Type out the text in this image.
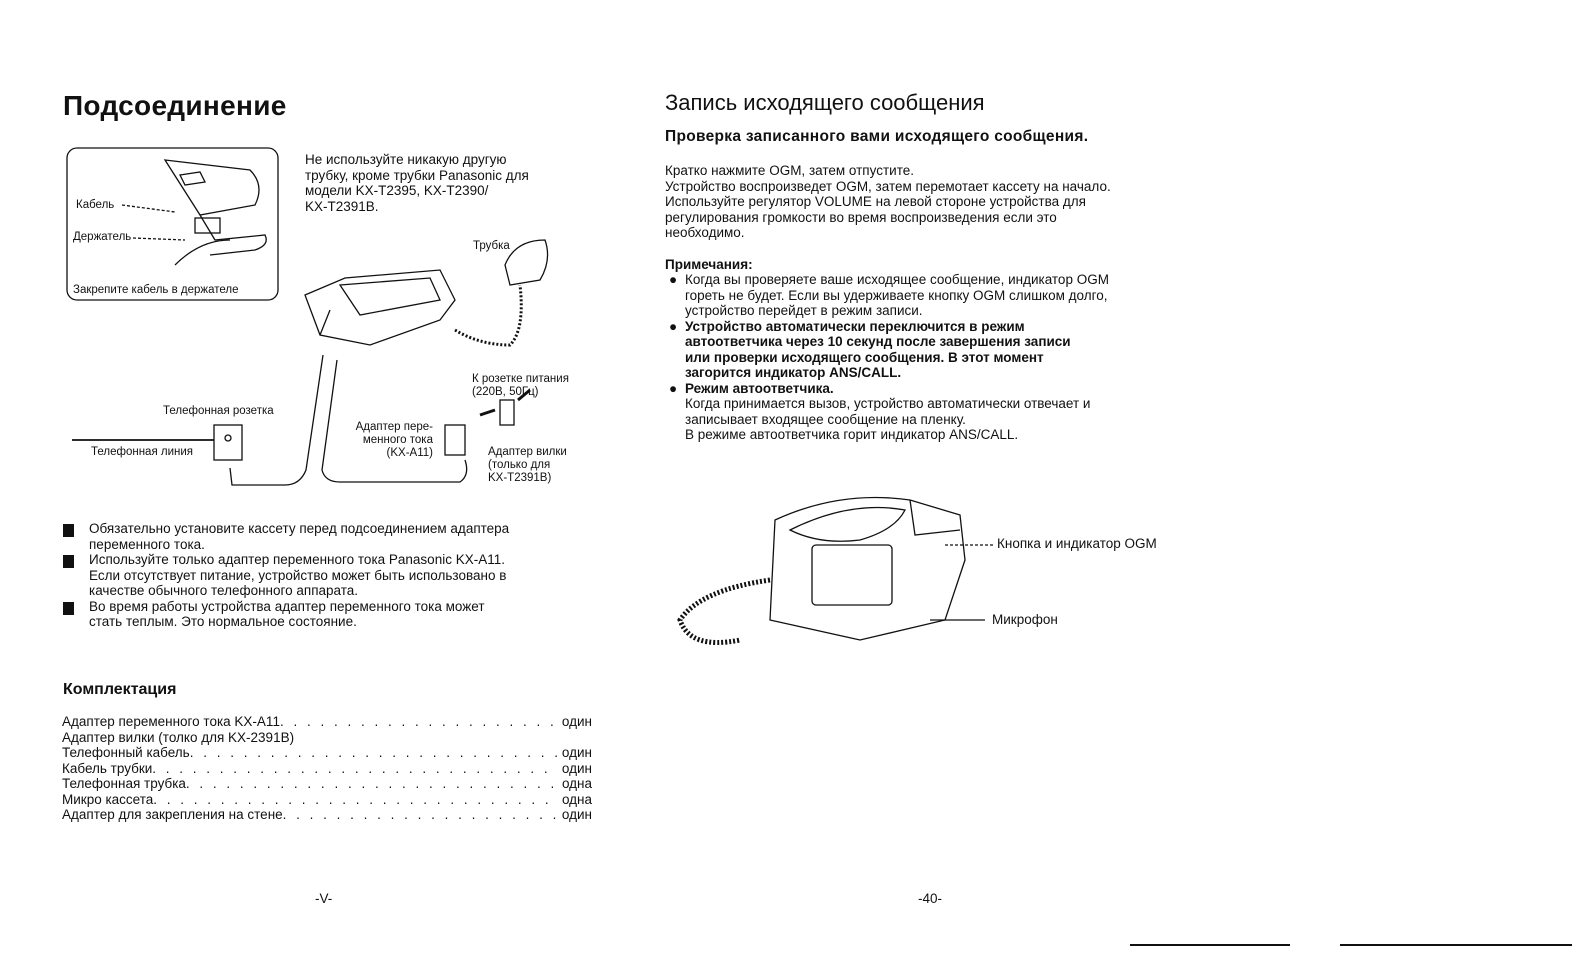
Подсоединение
Кабель
Держатель
Закрепите кабель в держателе
Не используйте никакую другую
трубку, кроме трубки Panasonic для
модели KX-T2395, KX-T2390/
KX-T2391B.
Трубка
К розетке питания
(220В, 50Гц)
Телефонная розетка
Телефонная линия
Адаптер пере-
менного тока
(KX-A11)	Адаптер вилки
(только для
KX-T2391B)
Обязательно установите кассету перед подсоединением адаптера
переменного тока.
Используйте только адаптер переменного тока Panasonic KX-A11.
Если отсутствует питание, устройство может быть использовано в
качестве обычного телефонного аппарата.
Во время работы устройства адаптер переменного тока может
стать теплым. Это нормальное состояние.
Комплектация
Адаптер переменного тока KX-A11 . . .	один
Адаптер вилки (толко для KX-2391B)
Телефонный кабель . . .	один
Кабель трубки . . .	один
Телефонная трубка . . .	одна
Микро кассета . . .	одна
Адаптер для закрепления на стене . . .	один
-V-
Запись исходящего сообщения
Проверка записанного вами исходящего сообщения.
Кратко нажмите OGM, затем отпустите.
Устройство воспроизведет OGM, затем перемотает кассету на начало.
Используйте регулятор VOLUME на левой стороне устройства для
регулирования громкости во время воспроизведения если это
необходимо.
Примечания:
● Когда вы проверяете ваше исходящее сообщение, индикатор OGM
гореть не будет. Если вы удерживаете кнопку OGM слишком долго,
устройство перейдет в режим записи.
● Устройство автоматически переключится в режим
автоответчика через 10 секунд после завершения записи
или проверки исходящего сообщения. В этот момент
загорится индикатор ANS/CALL.
● Режим автоответчика.
Когда принимается вызов, устройство автоматически отвечает и
записывает входящее сообщение на пленку.
В режиме автоответчика горит индикатор ANS/CALL.
Кнопка и индикатор OGM
Микрофон
-40-
